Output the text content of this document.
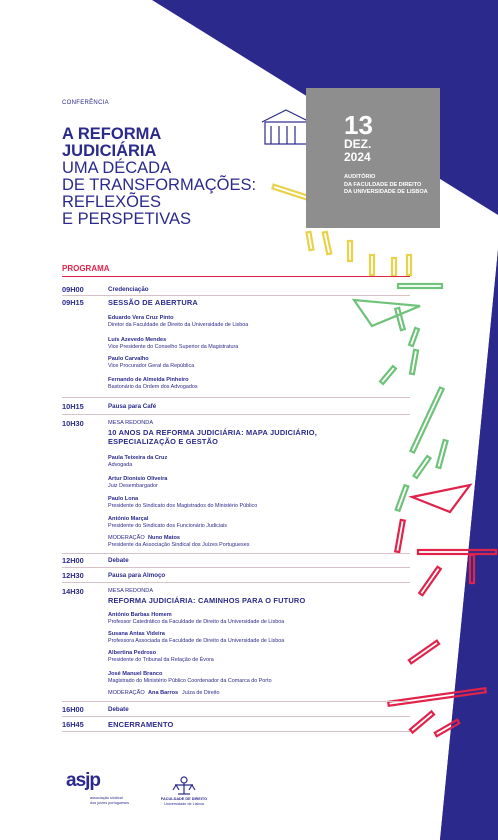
13
DEZ.
2024
AUDITÓRIO
DA FACULDADE DE DIREITO
DA UNIVERSIDADE DE LISBOA
CONFERÊNCIA
A REFORMA
JUDICIÁRIA
UMA DÉCADA
DE TRANSFORMAÇÕES:
REFLEXÕES
E PERSPETIVAS
PROGRAMA
09H00	Credenciação
09H15	SESSÃO DE ABERTURA
Eduardo Vera Cruz Pinto
Diretor da Faculdade de Direito da Universidade de Lisboa
Luís Azevedo Mendes
Vice Presidente do Conselho Superior da Magistratura
Paulo Carvalho
Vice Procurador Geral da República
Fernando de Almeida Pinheiro
Bastonário da Ordem dos Advogados
10H15	Pausa para Café
10H30	MESA REDONDA
10 ANOS DA REFORMA JUDICIÁRIA: MAPA JUDICIÁRIO,
ESPECIALIZAÇÃO E GESTÃO
Paula Teixeira da Cruz
Advogada
Artur Dionísio Oliveira
Juiz Desembargador
Paulo Lona
Presidente do Sindicato dos Magistrados do Ministério Público
António Marçal
Presidente do Sindicato dos Funcionário Judiciais
MODERAÇÃO Nuno Matos
Presidente da Associação Sindical dos Juízes Portugueses
12H00	Debate
12H30	Pausa para Almoço
14H30	MESA REDONDA
REFORMA JUDICIÁRIA: CAMINHOS PARA O FUTURO
António Barbas Homem
Professor Catedrático da Faculdade de Direito da Universidade de Lisboa
Susana Antas Videira
Professora Associada da Faculdade de Direito da Universidade de Lisboa
Albertina Pedroso
Presidente do Tribunal da Relação de Évora
José Manuel Branco
Magistrado do Ministério Público Coordenador da Comarca do Porto
MODERAÇÃO Ana Barros Juíza de Direito
16H00	Debate
16H45	ENCERRAMENTO
asjp
associação sindical
dos juízes portugueses
FACULDADE DE DIREITO
Universidade de Lisboa
